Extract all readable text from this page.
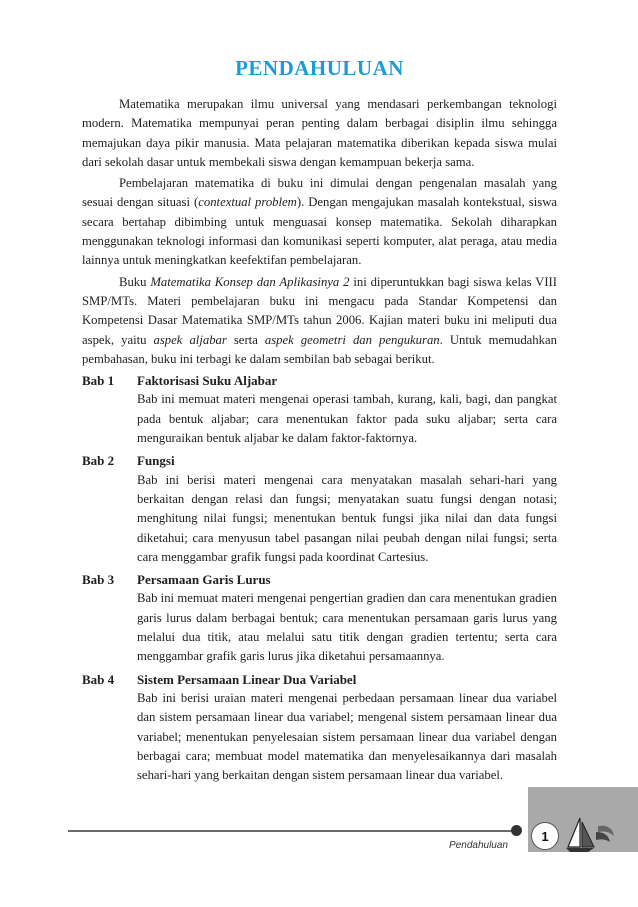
PENDAHULUAN

Matematika merupakan ilmu universal yang mendasari perkembangan teknologi modern. Matematika mempunyai peran penting dalam berbagai disiplin ilmu sehingga memajukan daya pikir manusia. Mata pelajaran matematika diberikan kepada siswa mulai dari sekolah dasar untuk membekali siswa dengan kemampuan bekerja sama.

Pembelajaran matematika di buku ini dimulai dengan pengenalan masalah yang sesuai dengan situasi (contextual problem). Dengan mengajukan masalah kontekstual, siswa secara bertahap dibimbing untuk menguasai konsep matematika. Sekolah diharapkan menggunakan teknologi informasi dan komunikasi seperti komputer, alat peraga, atau media lainnya untuk meningkatkan keefektifan pembelajaran.

Buku Matematika Konsep dan Aplikasinya 2 ini diperuntukkan bagi siswa kelas VIII SMP/MTs. Materi pembelajaran buku ini mengacu pada Standar Kompetensi dan Kompetensi Dasar Matematika SMP/MTs tahun 2006. Kajian materi buku ini meliputi dua aspek, yaitu aspek aljabar serta aspek geometri dan pengukuran. Untuk memudahkan pembahasan, buku ini terbagi ke dalam sembilan bab sebagai berikut.

Bab 1	Faktorisasi Suku Aljabar
Bab ini memuat materi mengenai operasi tambah, kurang, kali, bagi, dan pangkat pada bentuk aljabar; cara menentukan faktor pada suku aljabar; serta cara menguraikan bentuk aljabar ke dalam faktor-faktornya.
Bab 2	Fungsi
Bab ini berisi materi mengenai cara menyatakan masalah sehari-hari yang berkaitan dengan relasi dan fungsi; menyatakan suatu fungsi dengan notasi; menghitung nilai fungsi; menentukan bentuk fungsi jika nilai dan data fungsi diketahui; cara menyusun tabel pasangan nilai peubah dengan nilai fungsi; serta cara menggambar grafik fungsi pada koordinat Cartesius.
Bab 3	Persamaan Garis Lurus
Bab ini memuat materi mengenai pengertian gradien dan cara menentukan gradien garis lurus dalam berbagai bentuk; cara menentukan persamaan garis lurus yang melalui dua titik, atau melalui satu titik dengan gradien tertentu; serta cara menggambar grafik garis lurus jika diketahui persamaannya.
Bab 4	Sistem Persamaan Linear Dua Variabel
Bab ini berisi uraian materi mengenai perbedaan persamaan linear dua variabel dan sistem persamaan linear dua variabel; mengenal sistem persamaan linear dua variabel; menentukan penyelesaian sistem persamaan linear dua variabel dengan berbagai cara; membuat model matematika dan menyelesaikannya dari masalah sehari-hari yang berkaitan dengan sistem persamaan linear dua variabel.
Pendahuluan
1
